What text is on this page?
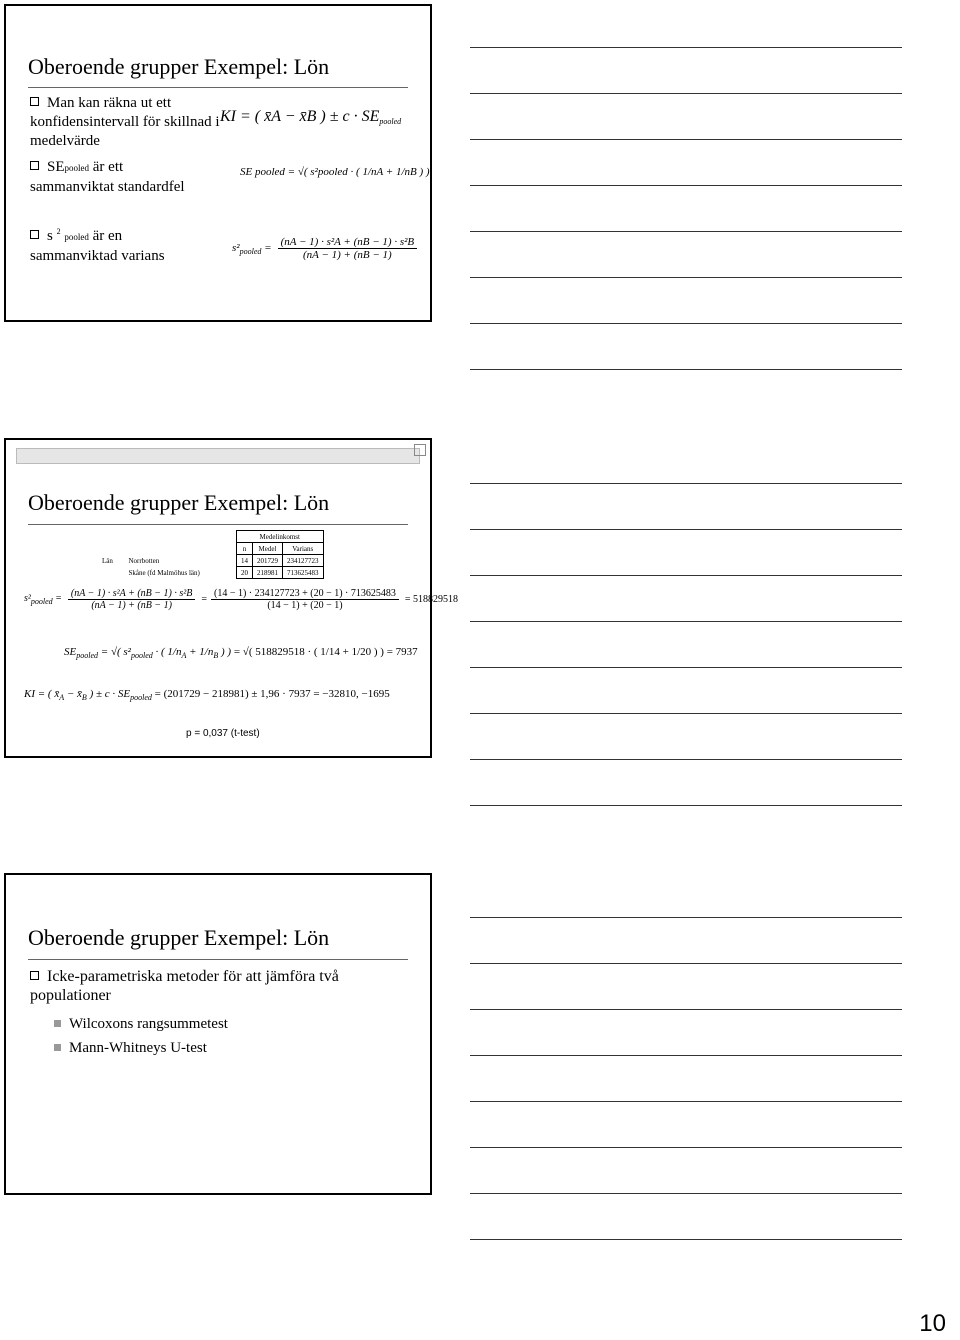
Oberoende grupper Exempel: Lön
Man kan räkna ut ett konfidensintervall för skillnad i medelvärde
SEpooled är ett sammanviktat standardfel
s $^2$ pooled är en sammanviktad varians
KI = ( x̄A − x̄B ) ± $c \cdot SE_{pooled}$
SE pooled = √( s²pooled · ( 1/nA + 1/nB ) )
$s^2_{pooled} = \frac{\text{(nA − 1) · s²A + (nB − 1) · s²B}}{(nA - 1) + (nB - 1)}$
Oberoende grupper Exempel: Lön
		Medelinkomst		
		n	Medel	Varians
Län	Norrbotten	14	201729	234127723
	Skåne (fd Malmöhus län)	20	218981	713625483
$s^2_{pooled} = \frac{\text{(nA − 1) · s²A + (nB − 1) · s²B}}{(nA - 1) + (nB - 1)} = \frac{(14 - 1) \cdot 234127723 + (20 - 1) \cdot 713625483}{(14 - 1) + (20 - 1)} = 518829518$
$SE_{pooled}$ = √( $s^2_{pooled}$ · ( $1/n_A + 1/n_B$ ) ) = √( 518829518 · ( 1/14 + 1/20 ) ) = 7937
KI = ( $x̄_A$ − $x̄_B$ ) ± $c \cdot SE_{pooled} = (201729 - 218981) \pm 1,96 \cdot 7937 = -32810$, −1695
p = 0,037 (t-test)
Oberoende grupper Exempel: Lön
Icke-parametriska metoder för att jämföra två populationer
Wilcoxons rangsummetest
Mann-Whitneys U-test
10
